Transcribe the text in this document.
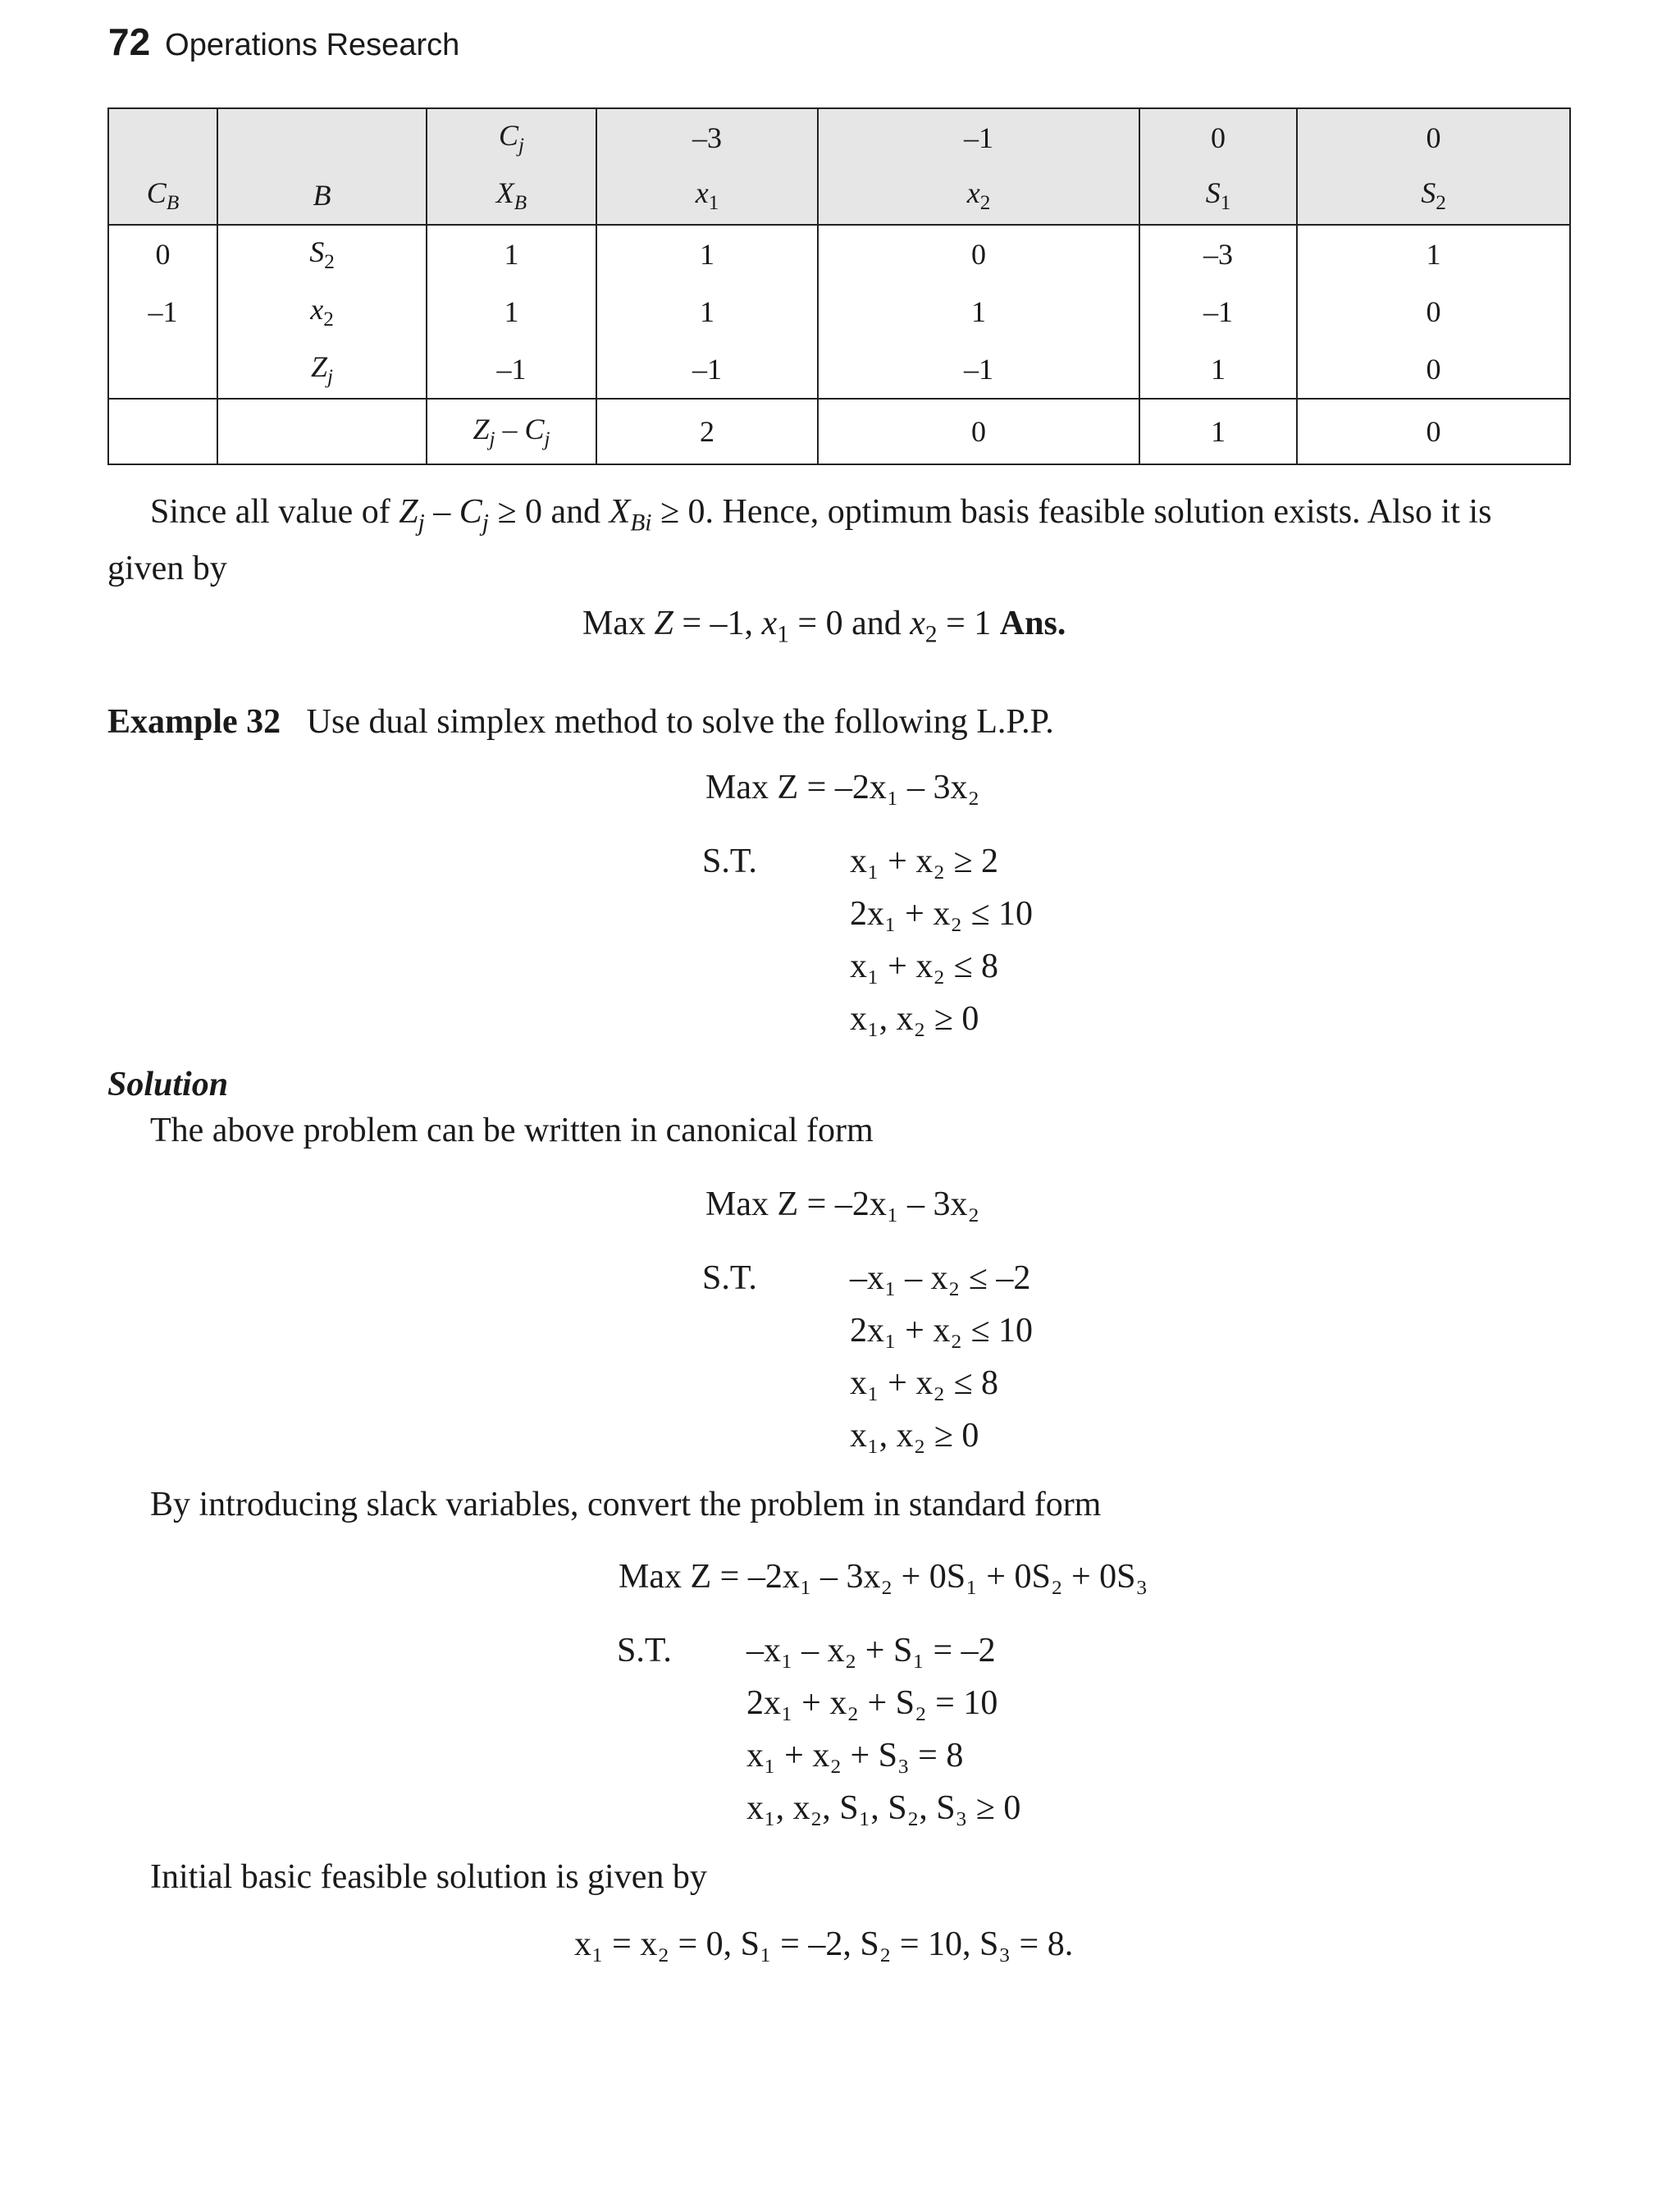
72 Operations Research
		$C_j$	–3	–1	0	0
$C_B$	B	$X_B$	$x_1$	$x_2$	$S_1$	$S_2$
0	$S_2$	1	1	0	–3	1
–1	$x_2$	1	1	1	–1	0
	$Z_j$	–1	–1	–1	1	0
		$Z_j - C_j$	2	0	1	0
Since all value of $Z_j - C_j \ge 0$ and $X_{Bi} \ge 0$. Hence, optimum basis feasible solution exists. Also it is given by
Max Z = –1, $x_1 = 0$ and $x_2 = 1$ Ans.
Example 32 Use dual simplex method to solve the following L.P.P.
Max Z = –2x₁ – 3x₂
S.T.	x₁ + x₂ ≥ 2
2x₁ + x₂ ≤ 10
x₁ + x₂ ≤ 8
x₁, x₂ ≥ 0
Solution
The above problem can be written in canonical form
Max Z = –2x₁ – 3x₂
S.T.	–x₁ – x₂ ≤ –2
2x₁ + x₂ ≤ 10
x₁ + x₂ ≤ 8
x₁, x₂ ≥ 0
By introducing slack variables, convert the problem in standard form
Max Z = –2x₁ – 3x₂ + 0S₁ + 0S₂ + 0S₃
S.T. –x₁ – x₂ + S₁ = –2
2x₁ + x₂ + S₂ = 10
x₁ + x₂ + S₃ = 8
x₁, x₂, S₁, S₂, S₃ ≥ 0
Initial basic feasible solution is given by
x₁ = x₂ = 0, S₁ = –2, S₂ = 10, S₃ = 8.
